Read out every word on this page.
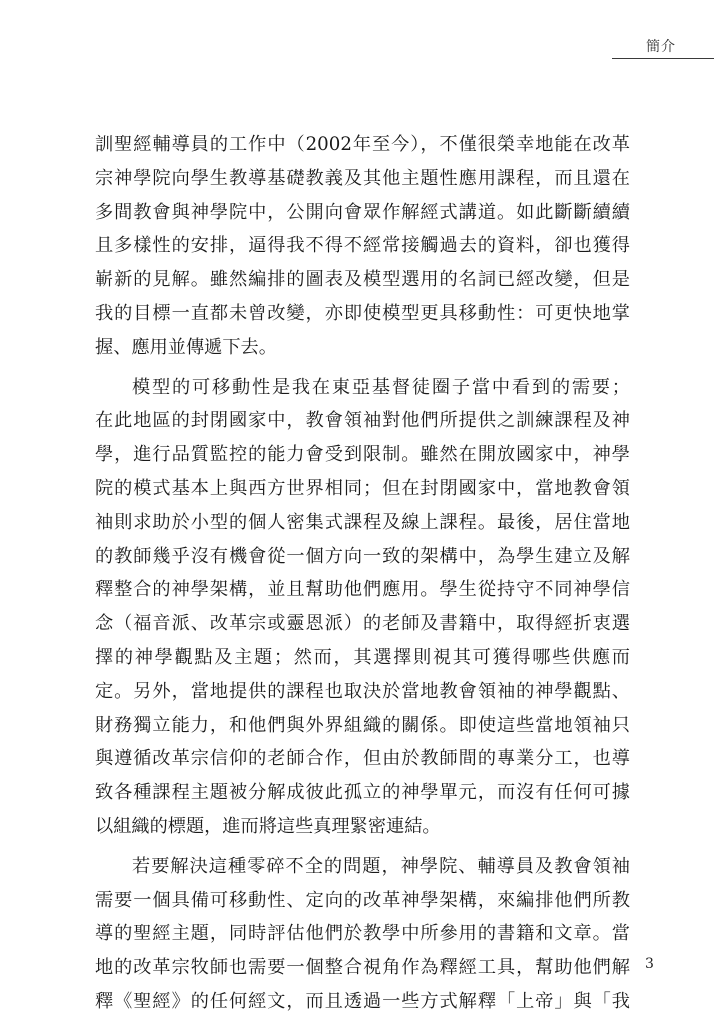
簡介
訓聖經輔導員的工作中（2002年至今），不僅很榮幸地能在改革
宗神學院向學生教導基礎教義及其他主題性應用課程，而且還在
多間教會與神學院中，公開向會眾作解經式講道。如此斷斷續續
且多樣性的安排，逼得我不得不經常接觸過去的資料，卻也獲得
嶄新的見解。雖然編排的圖表及模型選用的名詞已經改變，但是
我的目標一直都未曾改變，亦即使模型更具移動性：可更快地掌
握、應用並傳遞下去。
模型的可移動性是我在東亞基督徒圈子當中看到的需要；
在此地區的封閉國家中，教會領袖對他們所提供之訓練課程及神
學，進行品質監控的能力會受到限制。雖然在開放國家中，神學
院的模式基本上與西方世界相同；但在封閉國家中，當地教會領
袖則求助於小型的個人密集式課程及線上課程。最後，居住當地
的教師幾乎沒有機會從一個方向一致的架構中，為學生建立及解
釋整合的神學架構，並且幫助他們應用。學生從持守不同神學信
念（福音派、改革宗或靈恩派）的老師及書籍中，取得經折衷選
擇的神學觀點及主題；然而，其選擇則視其可獲得哪些供應而
定。另外，當地提供的課程也取決於當地教會領袖的神學觀點、
財務獨立能力，和他們與外界組織的關係。即使這些當地領袖只
與遵循改革宗信仰的老師合作，但由於教師間的專業分工，也導
致各種課程主題被分解成彼此孤立的神學單元，而沒有任何可據
以組織的標題，進而將這些真理緊密連結。
若要解決這種零碎不全的問題，神學院、輔導員及教會領袖
需要一個具備可移動性、定向的改革神學架構，來編排他們所教
導的聖經主題，同時評估他們於教學中所參用的書籍和文章。當
地的改革宗牧師也需要一個整合視角作為釋經工具，幫助他們解
釋《聖經》的任何經文，而且透過一些方式解釋「上帝」與「我
3
